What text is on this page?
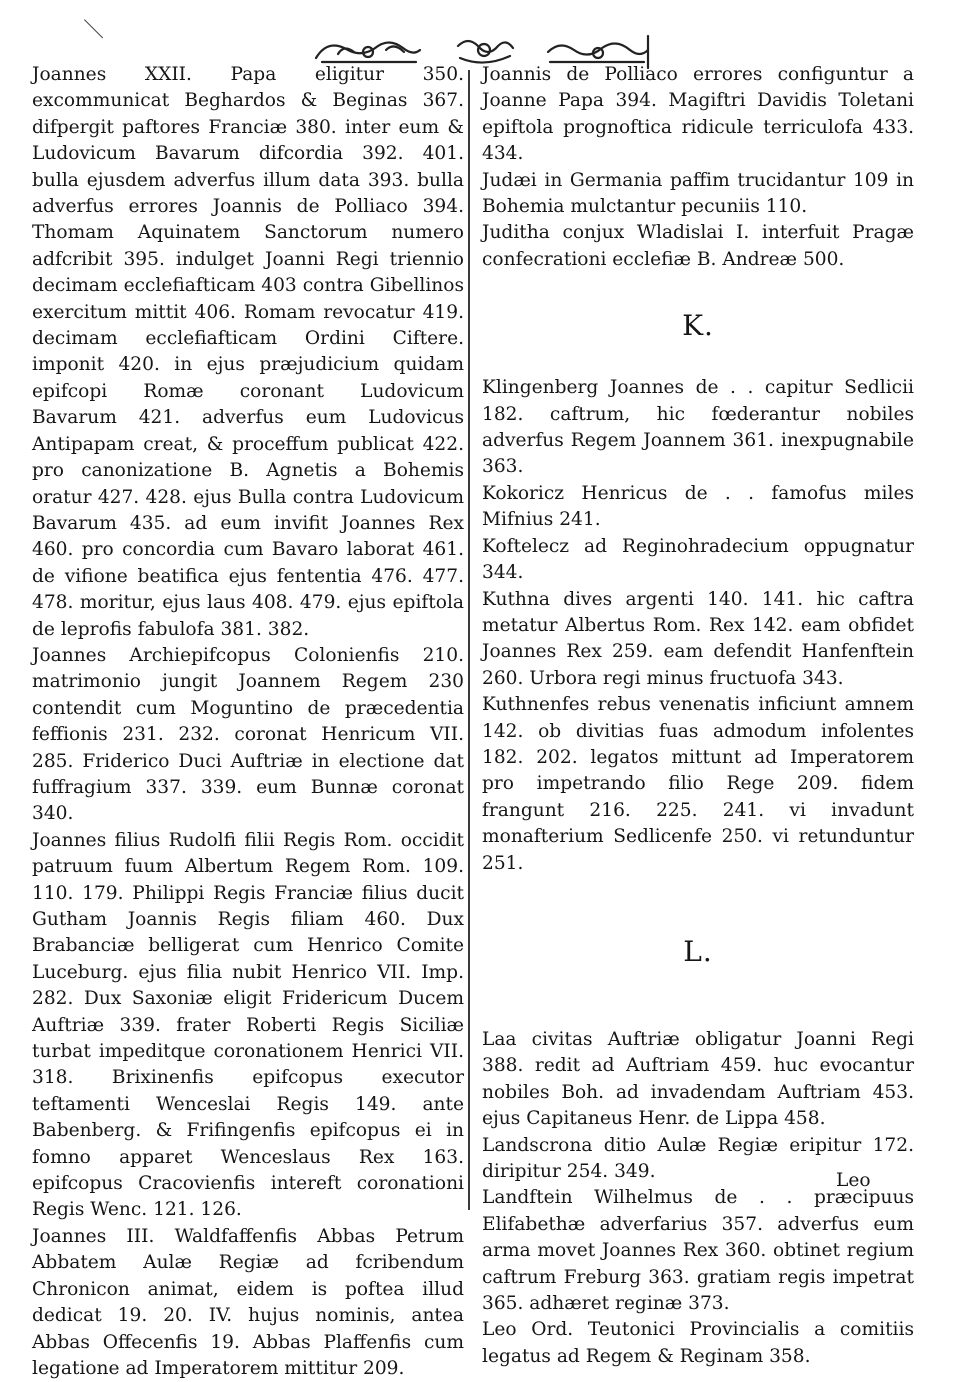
Joannes XXII. Papa eligitur 350. excommunicat Beghardos & Beginas 367. difpergit paftores Franciæ 380. inter eum & Ludovicum Bavarum difcordia 392. 401. bulla ejusdem adverfus illum data 393. bulla adverfus errores Joannis de Polliaco 394. Thomam Aquinatem Sanctorum numero adfcribit 395. indulget Joanni Regi triennio decimam ecclefiafticam 403 contra Gibellinos exercitum mittit 406. Romam revocatur 419. decimam ecclefiafticam Ordini Ciftere. imponit 420. in ejus præjudicium quidam epifcopi Romæ coronant Ludovicum Bavarum 421. adverfus eum Ludovicus Antipapam creat, & proceffum publicat 422. pro canonizatione B. Agnetis a Bohemis oratur 427. 428. ejus Bulla contra Ludovicum Bavarum 435. ad eum invifit Joannes Rex 460. pro concordia cum Bavaro laborat 461. de vifione beatifica ejus fententia 476. 477. 478. moritur, ejus laus 408. 479. ejus epiftola de leprofis fabulofa 381. 382.

Joannes Archiepifcopus Colonienfis 210. matrimonio jungit Joannem Regem 230 contendit cum Moguntino de præcedentia feffionis 231. 232. coronat Henricum VII. 285. Friderico Duci Auftriæ in electione dat fuffragium 337. 339. eum Bunnæ coronat 340.

Joannes filius Rudolfi filii Regis Rom. occidit patruum fuum Albertum Regem Rom. 109. 110. 179. Philippi Regis Franciæ filius ducit Gutham Joannis Regis filiam 460. Dux Brabanciæ belligerat cum Henrico Comite Luceburg. ejus filia nubit Henrico VII. Imp. 282. Dux Saxoniæ eligit Fridericum Ducem Auftriæ 339. frater Roberti Regis Siciliæ turbat impeditque coronationem Henrici VII. 318. Brixinenfis epifcopus executor teftamenti Wenceslai Regis 149. ante Babenberg. & Frifingenfis epifcopus ei in fomno apparet Wenceslaus Rex 163. epifcopus Cracovienfis intereft coronationi Regis Wenc. 121. 126.

Joannes III. Waldfaffenfis Abbas Petrum Abbatem Aulæ Regiæ ad fcribendum Chronicon animat, eidem is poftea illud dedicat 19. 20. IV. hujus nominis, antea Abbas Offecenfis 19. Abbas Plaffenfis cum legatione ad Imperatorem mittitur 209.

Joannis de Polliaco errores configuntur a Joanne Papa 394. Magiftri Davidis Toletani epiftola prognoftica ridicule terriculofa 433. 434.

Judæi in Germania paffim trucidantur 109 in Bohemia mulctantur pecuniis 110.

Juditha conjux Wladislai I. interfuit Pragæ confecrationi ecclefiæ B. Andreæ 500.

K.

Klingenberg Joannes de . . capitur Sedlicii 182. caftrum, hic fœderantur nobiles adverfus Regem Joannem 361. inexpugnabile 363.

Kokoricz Henricus de . . famofus miles Mifnius 241.

Koftelecz ad Reginohradecium oppugnatur 344.

Kuthna dives argenti 140. 141. hic caftra metatur Albertus Rom. Rex 142. eam obfidet Joannes Rex 259. eam defendit Hanfenftein 260. Urbora regi minus fructuofa 343.

Kuthnenfes rebus venenatis inficiunt amnem 142. ob divitias fuas admodum infolentes 182. 202. legatos mittunt ad Imperatorem pro impetrando filio Rege 209. fidem frangunt 216. 225. 241. vi invadunt monafterium Sedlicenfe 250. vi retunduntur 251.

L.

Laa civitas Auftriæ obligatur Joanni Regi 388. redit ad Auftriam 459. huc evocantur nobiles Boh. ad invadendam Auftriam 453. ejus Capitaneus Henr. de Lippa 458.

Landscrona ditio Aulæ Regiæ eripitur 172. diripitur 254. 349.

Landftein Wilhelmus de . . præcipuus Elifabethæ adverfarius 357. adverfus eum arma movet Joannes Rex 360. obtinet regium caftrum Freburg 363. gratiam regis impetrat 365. adhæret reginæ 373.

Leo Ord. Teutonici Provincialis a comitiis legatus ad Regem & Reginam 358.

Leo
